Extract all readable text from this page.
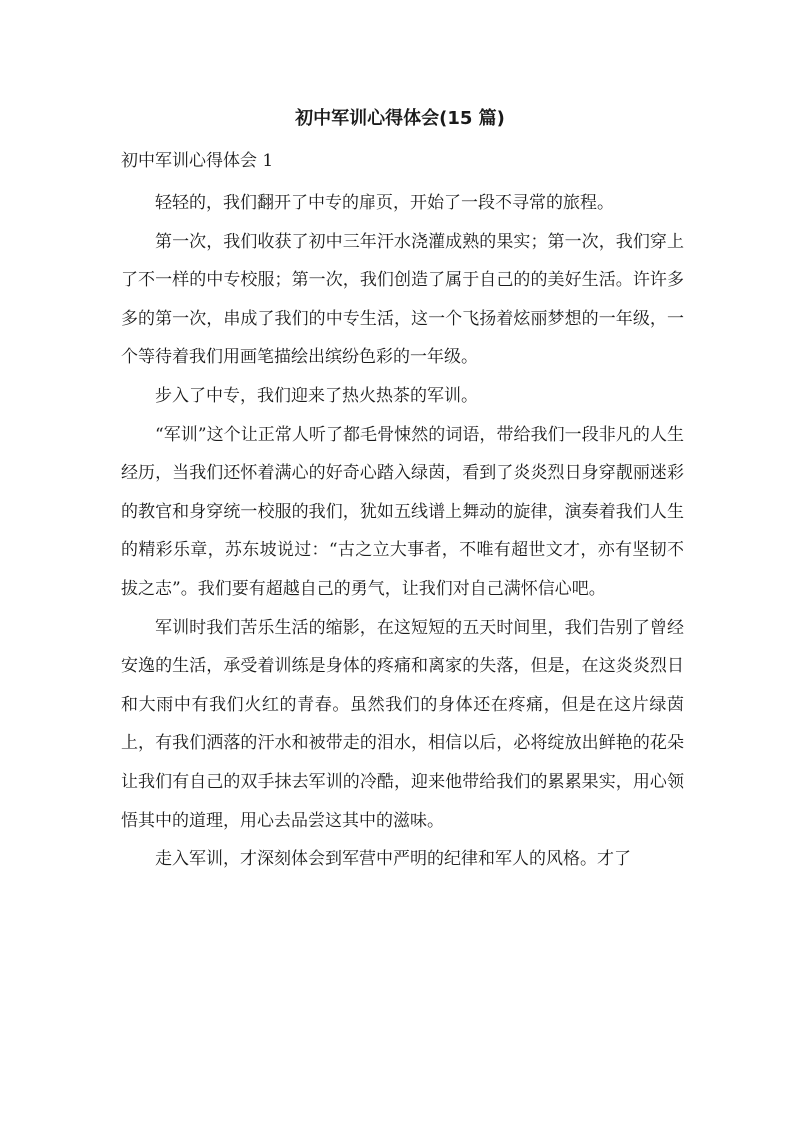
初中军训心得体会(15 篇)
初中军训心得体会 1

轻轻的，我们翻开了中专的扉页，开始了一段不寻常的旅程。

第一次，我们收获了初中三年汗水浇灌成熟的果实；第一次，我们穿上了不一样的中专校服；第一次，我们创造了属于自己的的美好生活。许许多多的第一次，串成了我们的中专生活，这一个飞扬着炫丽梦想的一年级，一个等待着我们用画笔描绘出缤纷色彩的一年级。

步入了中专，我们迎来了热火热茶的军训。

“军训”这个让正常人听了都毛骨悚然的词语，带给我们一段非凡的人生经历，当我们还怀着满心的好奇心踏入绿茵，看到了炎炎烈日身穿靓丽迷彩的教官和身穿统一校服的我们，犹如五线谱上舞动的旋律，演奏着我们人生的精彩乐章，苏东坡说过：“古之立大事者，不唯有超世文才，亦有坚韧不拔之志”。我们要有超越自己的勇气，让我们对自己满怀信心吧。

军训时我们苦乐生活的缩影，在这短短的五天时间里，我们告别了曾经安逸的生活，承受着训练是身体的疼痛和离家的失落，但是，在这炎炎烈日和大雨中有我们火红的青春。虽然我们的身体还在疼痛，但是在这片绿茵上，有我们洒落的汗水和被带走的泪水，相信以后，必将绽放出鲜艳的花朵让我们有自己的双手抹去军训的冷酷，迎来他带给我们的累累果实，用心领悟其中的道理，用心去品尝这其中的滋味。

走入军训，才深刻体会到军营中严明的纪律和军人的风格。才了
